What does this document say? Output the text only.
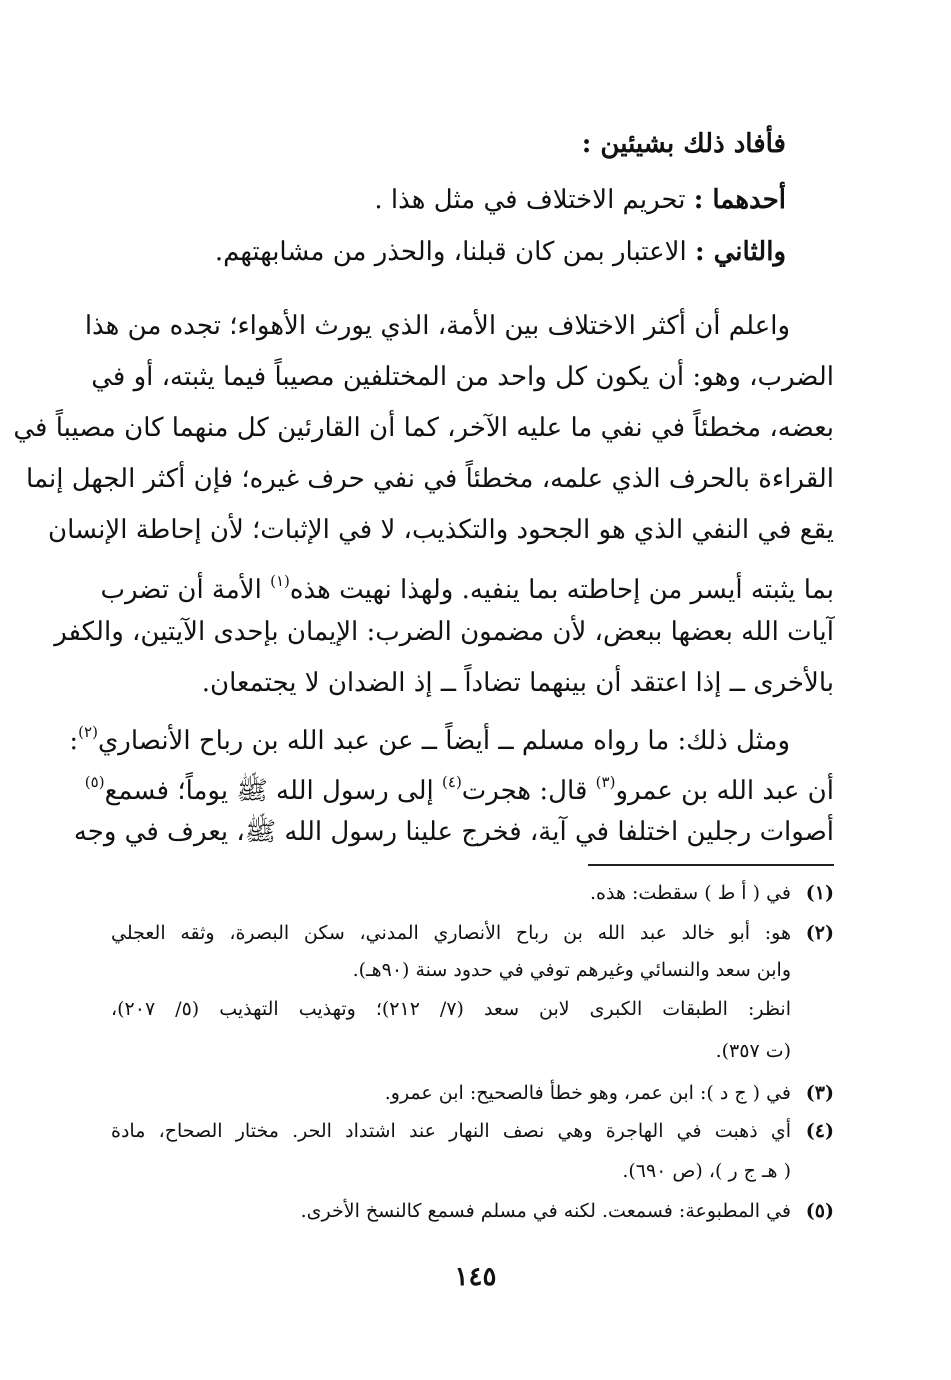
فأفاد ذلك بشيئين :
أحدهما : تحريم الاختلاف في مثل هذا .
والثاني : الاعتبار بمن كان قبلنا، والحذر من مشابهتهم.
واعلم أن أكثر الاختلاف بين الأمة، الذي يورث الأهواء؛ تجده من هذا
الضرب، وهو: أن يكون كل واحد من المختلفين مصيباً فيما يثبته، أو في
بعضه، مخطئاً في نفي ما عليه الآخر، كما أن القارئين كل منهما كان مصيباً في
القراءة بالحرف الذي علمه، مخطئاً في نفي حرف غيره؛ فإن أكثر الجهل إنما
يقع في النفي الذي هو الجحود والتكذيب، لا في الإثبات؛ لأن إحاطة الإنسان
بما يثبته أيسر من إحاطته بما ينفيه. ولهذا نهيت هذه$^{(١)}$ الأمة أن تضرب
آيات الله بعضها ببعض، لأن مضمون الضرب: الإيمان بإحدى الآيتين، والكفر
بالأخرى ــ إذا اعتقد أن بينهما تضاداً ــ إذ الضدان لا يجتمعان.
ومثل ذلك: ما رواه مسلم ــ أيضاً ــ عن عبد الله بن رباح الأنصاري$^{(٢)}$:
أن عبد الله بن عمرو$^{(٣)}$ قال: هجرت$^{(٤)}$ إلى رسول الله ﷺ يوماً؛ فسمع$^{(٥)}$
أصوات رجلين اختلفا في آية، فخرج علينا رسول الله ﷺ، يعرف في وجه
(١)
في ( أ ط ) سقطت: هذه.
(٢)
هو: أبو خالد عبد الله بن رباح الأنصاري المدني، سكن البصرة، وثقه العجلي
وابن سعد والنسائي وغيرهم توفي في حدود سنة (٩٠هـ).
انظر: الطبقات الكبرى لابن سعد (٧/ ٢١٢)؛ وتهذيب التهذيب (٥/ ٢٠٧)،
(ت ٣٥٧).
(٣)
في ( ج د ): ابن عمر، وهو خطأ فالصحيح: ابن عمرو.
(٤)
أي ذهبت في الهاجرة وهي نصف النهار عند اشتداد الحر. مختار الصحاح، مادة
( هـ ج ر )، (ص ٦٩٠).
(٥)
في المطبوعة: فسمعت. لكنه في مسلم فسمع كالنسخ الأخرى.
١٤٥
